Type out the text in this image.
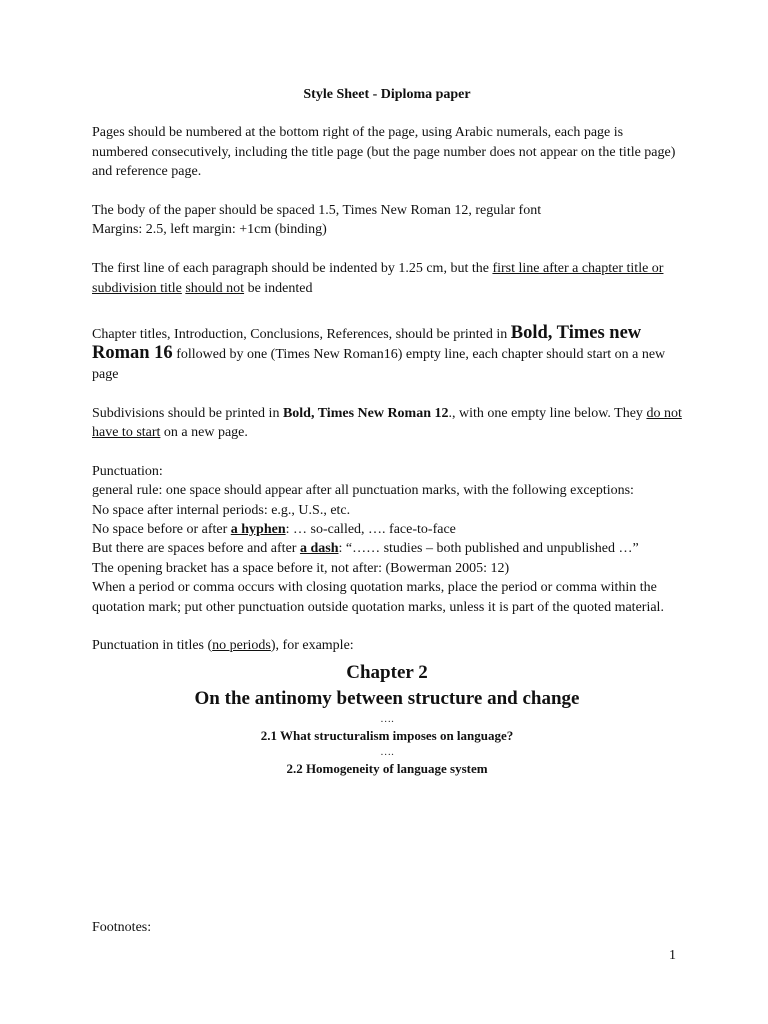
Style Sheet - Diploma paper

Pages should be numbered at the bottom right of the page, using Arabic numerals, each page is numbered consecutively, including the title page (but the page number does not appear on the title page) and reference page.

The body of the paper should be spaced 1.5, Times New Roman 12, regular font
Margins: 2.5, left margin: +1cm (binding)

The first line of each paragraph should be indented by 1.25 cm, but the first line after a chapter title or subdivision title should not be indented

Chapter titles, Introduction, Conclusions, References, should be printed in Bold, Times new Roman 16 followed by one (Times New Roman16) empty line, each chapter should start on a new page

Subdivisions should be printed in Bold, Times New Roman 12., with one empty line below. They do not have to start on a new page.

Punctuation:
general rule: one space should appear after all punctuation marks, with the following exceptions:
No space after internal periods: e.g., U.S., etc.
No space before or after a hyphen: … so-called, …. face-to-face
But there are spaces before and after a dash: “…… studies – both published and unpublished …”
The opening bracket has a space before it, not after: (Bowerman 2005: 12)
When a period or comma occurs with closing quotation marks, place the period or comma within the quotation mark; put other punctuation outside quotation marks, unless it is part of the quoted material.

Punctuation in titles (no periods), for example:

Chapter 2
On the antinomy between structure and change
….
2.1 What structuralism imposes on language?
….
2.2 Homogeneity of language system
Footnotes:
1
